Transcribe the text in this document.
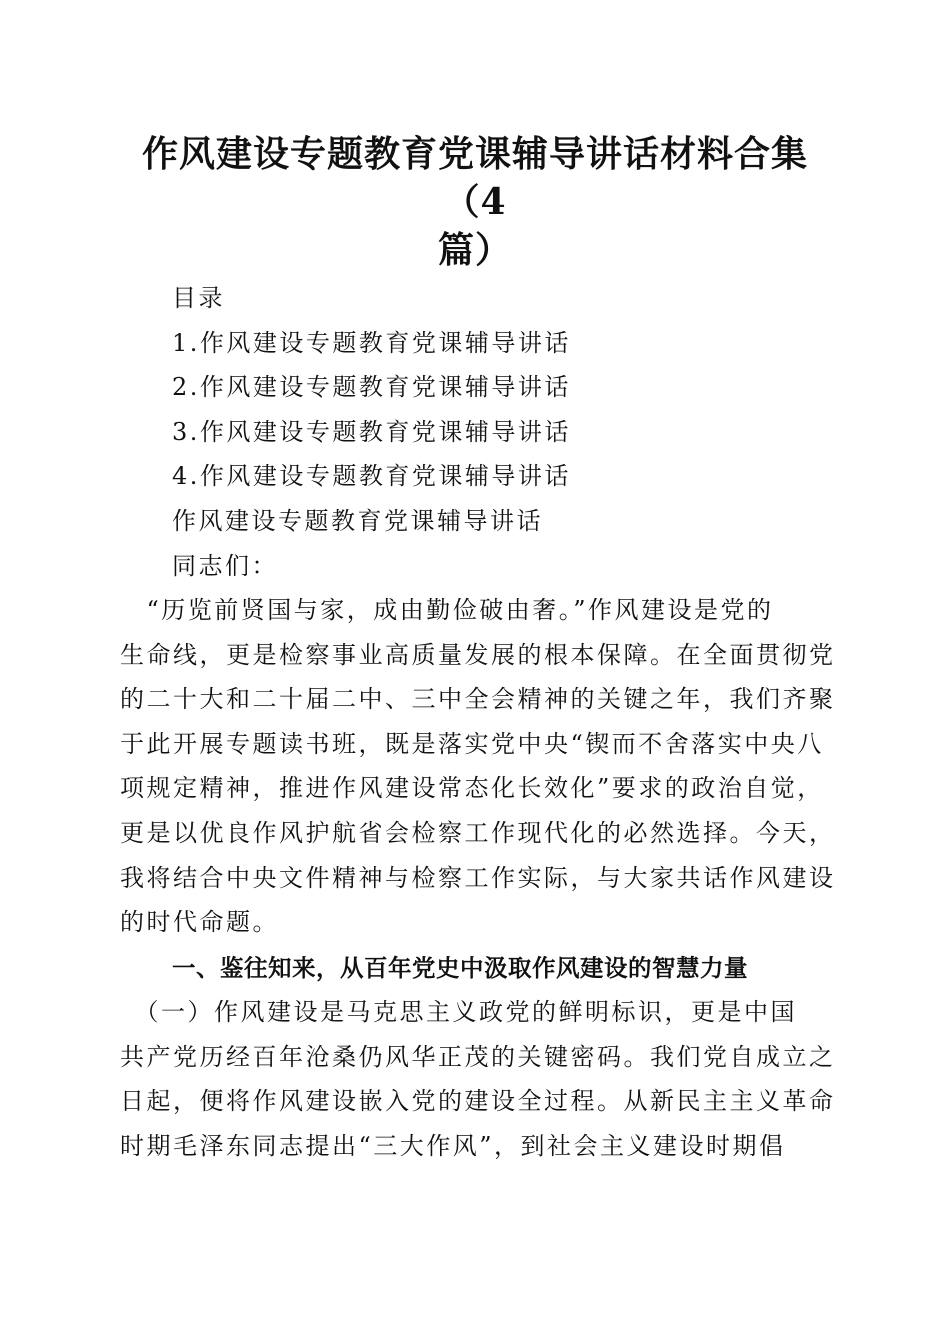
作风建设专题教育党课辅导讲话材料合集（4
篇）
目录
1.作风建设专题教育党课辅导讲话
2.作风建设专题教育党课辅导讲话
3.作风建设专题教育党课辅导讲话
4.作风建设专题教育党课辅导讲话
作风建设专题教育党课辅导讲话
同志们：
　“历览前贤国与家，成由勤俭破由奢。”作风建设是党的
生命线，更是检察事业高质量发展的根本保障。在全面贯彻党
的二十大和二十届二中、三中全会精神的关键之年，我们齐聚
于此开展专题读书班，既是落实党中央“锲而不舍落实中央八
项规定精神，推进作风建设常态化长效化”要求的政治自觉，
更是以优良作风护航省会检察工作现代化的必然选择。今天，
我将结合中央文件精神与检察工作实际，与大家共话作风建设
的时代命题。
一、鉴往知来，从百年党史中汲取作风建设的智慧力量
　（一）作风建设是马克思主义政党的鲜明标识，更是中国
共产党历经百年沧桑仍风华正茂的关键密码。我们党自成立之
日起，便将作风建设嵌入党的建设全过程。从新民主主义革命
时期毛泽东同志提出“三大作风”，到社会主义建设时期倡
